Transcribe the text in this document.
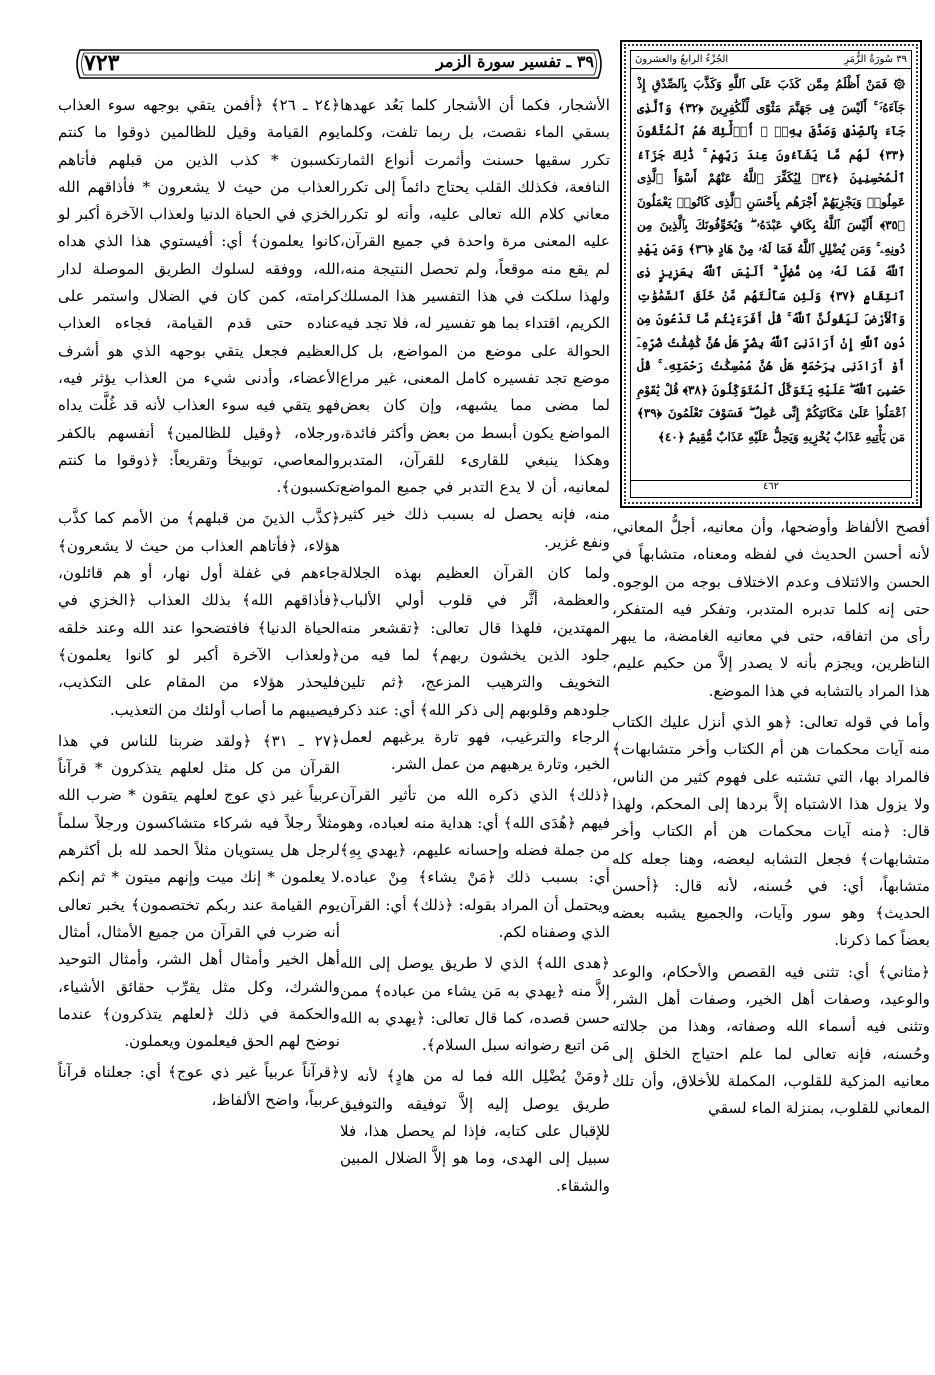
٧٢٣	٣٩ ـ تفسير سورة الزمر	٣٩ سُورَةُ الزُّمَرِ
الجُزْءُ الرابعُ والعشرونَ
۞ فَمَنْ أَظْلَمُ مِمَّن كَذَبَ عَلَى ٱللَّهِ وَكَذَّبَ بِٱلصِّدْقِ إِذْ جَآءَهُۥٓ ۚ أَلَيْسَ فِى جَهَنَّمَ مَثْوًى لِّلْكَٰفِرِينَ ﴿٣٢﴾ وَٱلَّذِى جَآءَ بِٱلصِّدْقِ وَصَدَّقَ بِهِۦٓ ۙ أُو۟لَٰٓئِكَ هُمُ ٱلْمُتَّقُونَ ﴿٣٣﴾ لَهُم مَّا يَشَآءُونَ عِندَ رَبِّهِمْ ۚ ذَٰلِكَ جَزَآءُ ٱلْمُحْسِنِينَ ﴿٣٤﴾ لِيُكَفِّرَ ٱللَّهُ عَنْهُمْ أَسْوَأَ ٱلَّذِى عَمِلُوا۟ وَيَجْزِيَهُمْ أَجْرَهُم بِأَحْسَنِ ٱلَّذِى كَانُوا۟ يَعْمَلُونَ ﴿٣٥﴾ أَلَيْسَ ٱللَّهُ بِكَافٍ عَبْدَهُۥ ۖ وَيُخَوِّفُونَكَ بِٱلَّذِينَ مِن دُونِهِۦ ۚ وَمَن يُضْلِلِ ٱللَّهُ فَمَا لَهُۥ مِنْ هَادٍ ﴿٣٦﴾ وَمَن يَهْدِ ٱللَّهُ فَمَا لَهُۥ مِن مُّضِلٍّ ۗ أَلَيْسَ ٱللَّهُ بِعَزِيزٍ ذِى ٱنتِقَامٍ ﴿٣٧﴾ وَلَئِن سَأَلْتَهُم مَّنْ خَلَقَ ٱلسَّمَٰوَٰتِ وَٱلْأَرْضَ لَيَقُولُنَّ ٱللَّهُ ۚ قُلْ أَفَرَءَيْتُم مَّا تَدْعُونَ مِن دُونِ ٱللَّهِ إِنْ أَرَادَنِىَ ٱللَّهُ بِضُرٍّ هَلْ هُنَّ كَٰشِفَٰتُ ضُرِّهِۦٓ أَوْ أَرَادَنِى بِرَحْمَةٍ هَلْ هُنَّ مُمْسِكَٰتُ رَحْمَتِهِۦ ۚ قُلْ حَسْبِىَ ٱللَّهُ ۖ عَلَيْهِ يَتَوَكَّلُ ٱلْمُتَوَكِّلُونَ ﴿٣٨﴾ قُلْ يَٰقَوْمِ ٱعْمَلُوا۟ عَلَىٰ مَكَانَتِكُمْ إِنِّى عَٰمِلٌ ۖ فَسَوْفَ تَعْلَمُونَ ﴿٣٩﴾ مَن يَأْتِيهِ عَذَابٌ يُخْزِيهِ وَيَحِلُّ عَلَيْهِ عَذَابٌ مُّقِيمٌ ﴿٤٠﴾
٤٦٢

أفصح الألفاظ وأوضحها، وأن معانيه، أجلُّ المعاني، لأنه أحسن الحديث في لفظه ومعناه، متشابهاً في الحسن والائتلاف وعدم الاختلاف بوجه من الوجوه. حتى إنه كلما تدبره المتدبر، وتفكر فيه المتفكر، رأى من اتفاقه، حتى في معانيه الغامضة، ما يبهر الناظرين، ويجزم بأنه لا يصدر إلاَّ من حكيم عليم، هذا المراد بالتشابه في هذا الموضع.

وأما في قوله تعالى: ﴿هو الذي أنزل عليك الكتاب منه آيات محكمات هن أم الكتاب وأخر متشابهات﴾ فالمراد بها، التي تشتبه على فهوم كثير من الناس، ولا يزول هذا الاشتباه إلاَّ بردها إلى المحكم، ولهذا قال: ﴿منه آيات محكمات هن أم الكتاب وأخر متشابهات﴾ فجعل التشابه لبعضه، وهنا جعله كله متشابهاً، أي: في حُسنه، لأنه قال: ﴿أحسن الحديث﴾ وهو سور وآيات، والجميع يشبه بعضه بعضاً كما ذكرنا.

﴿مثاني﴾ أي: تثنى فيه القصص والأحكام، والوعد والوعيد، وصفات أهل الخير، وصفات أهل الشر، وتثنى فيه أسماء الله وصفاته، وهذا من جلالته وحُسنه، فإنه تعالى لما علم احتياج الخلق إلى معانيه المزكية للقلوب، المكملة للأخلاق، وأن تلك المعاني للقلوب، بمنزلة الماء لسقي

الأشجار، فكما أن الأشجار كلما بَعُد عهدها بسقي الماء نقصت، بل ربما تلفت، وكلما تكرر سقيها حسنت وأثمرت أنواع الثمار النافعة، فكذلك القلب يحتاج دائماً إلى تكرر معاني كلام الله تعالى عليه، وأنه لو تكرر عليه المعنى مرة واحدة في جميع القرآن، لم يقع منه موقعاً، ولم تحصل النتيجة منه، ولهذا سلكت في هذا التفسير هذا المسلك الكريم، اقتداء بما هو تفسير له، فلا تجد فيه الحوالة على موضع من المواضع، بل كل موضع تجد تفسيره كامل المعنى، غير مراع لما مضى مما يشبهه، وإن كان بعض المواضع يكون أبسط من بعض وأكثر فائدة، وهكذا ينبغي للقارىء للقرآن، المتدبر لمعانيه، أن لا يدع التدبر في جميع المواضع منه، فإنه يحصل له بسبب ذلك خير كثير ونفع غزير.

ولما كان القرآن العظيم بهذه الجلالة والعظمة، أثَّر في قلوب أولي الألباب المهتدين، فلهذا قال تعالى: ﴿تقشعر منه جلود الذين يخشون ربهم﴾ لما فيه من التخويف والترهيب المزعج، ﴿ثم تلين جلودهم وقلوبهم إلى ذكر الله﴾ أي: عند ذكر الرجاء والترغيب، فهو تارة يرغبهم لعمل الخير، وتارة يرهبهم من عمل الشر.

﴿ذلك﴾ الذي ذكره الله من تأثير القرآن فيهم ﴿هُدَى الله﴾ أي: هداية منه لعباده، وهو من جملة فضله وإحسانه عليهم، ﴿يهدي بِهِ﴾ أي: بسبب ذلك ﴿مَنْ يشاء﴾ مِنْ عباده. ويحتمل أن المراد بقوله: ﴿ذلك﴾ أي: القرآن الذي وصفناه لكم.

﴿هدى الله﴾ الذي لا طريق يوصل إلى الله إلاَّ منه ﴿يهدي به مَن يشاء من عباده﴾ ممن حسن قصده، كما قال تعالى: ﴿يهدي به الله مَن اتبع رضوانه سبل السلام﴾.

﴿ومَنْ يُضْلِل الله فما له من هادٍ﴾ لأنه لا طريق يوصل إليه إلاَّ توفيقه والتوفيق للإقبال على كتابه، فإذا لم يحصل هذا، فلا سبيل إلى الهدى، وما هو إلاَّ الضلال المبين والشقاء.

﴿٢٤ ـ ٢٦﴾ ﴿أفمن يتقي بوجهه سوء العذاب يوم القيامة وقيل للظالمين ذوقوا ما كنتم تكسبون * كذب الذين من قبلهم فأتاهم العذاب من حيث لا يشعرون * فأذاقهم الله الخزي في الحياة الدنيا ولعذاب الآخرة أكبر لو كانوا يعلمون﴾ أي: أفيستوي هذا الذي هداه الله، ووفقه لسلوك الطريق الموصلة لدار كرامته، كمن كان في الضلال واستمر على عناده حتى قدم القيامة، فجاءه العذاب العظيم فجعل يتقي بوجهه الذي هو أشرف الأعضاء، وأدنى شيء من العذاب يؤثر فيه، فهو يتقي فيه سوء العذاب لأنه قد غُلَّت يداه ورجلاه، ﴿وقيل للظالمين﴾ أنفسهم بالكفر والمعاصي، توبيخاً وتقريعاً: ﴿ذوقوا ما كنتم تكسبون﴾.

﴿كذَّب الذينَ من قبلهم﴾ من الأمم كما كذَّب هؤلاء، ﴿فأتاهم العذاب من حيث لا يشعرون﴾ جاءهم في غفلة أول نهار، أو هم قائلون، ﴿فأذاقهم الله﴾ بذلك العذاب ﴿الخزي في الحياة الدنيا﴾ فافتضحوا عند الله وعند خلقه ﴿ولعذاب الآخرة أكبر لو كانوا يعلمون﴾ فليحذر هؤلاء من المقام على التكذيب، فيصيبهم ما أصاب أولئك من التعذيب.

﴿٢٧ ـ ٣١﴾ ﴿ولقد ضربنا للناس في هذا القرآن من كل مثل لعلهم يتذكرون * قرآناً عربياً غير ذي عوج لعلهم يتقون * ضرب الله مثلاً رجلاً فيه شركاء متشاكسون ورجلاً سلماً لرجل هل يستويان مثلاً الحمد لله بل أكثرهم لا يعلمون * إنك ميت وإنهم ميتون * ثم إنكم يوم القيامة عند ربكم تختصمون﴾ يخبر تعالى أنه ضرب في القرآن من جميع الأمثال، أمثال أهل الخير وأمثال أهل الشر، وأمثال التوحيد والشرك، وكل مثل يقرِّب حقائق الأشياء، والحكمة في ذلك ﴿لعلهم يتذكرون﴾ عندما نوضح لهم الحق فيعلمون ويعملون.

﴿قرآناً عربياً غير ذي عوج﴾ أي: جعلناه قرآناً عربياً، واضح الألفاظ،
